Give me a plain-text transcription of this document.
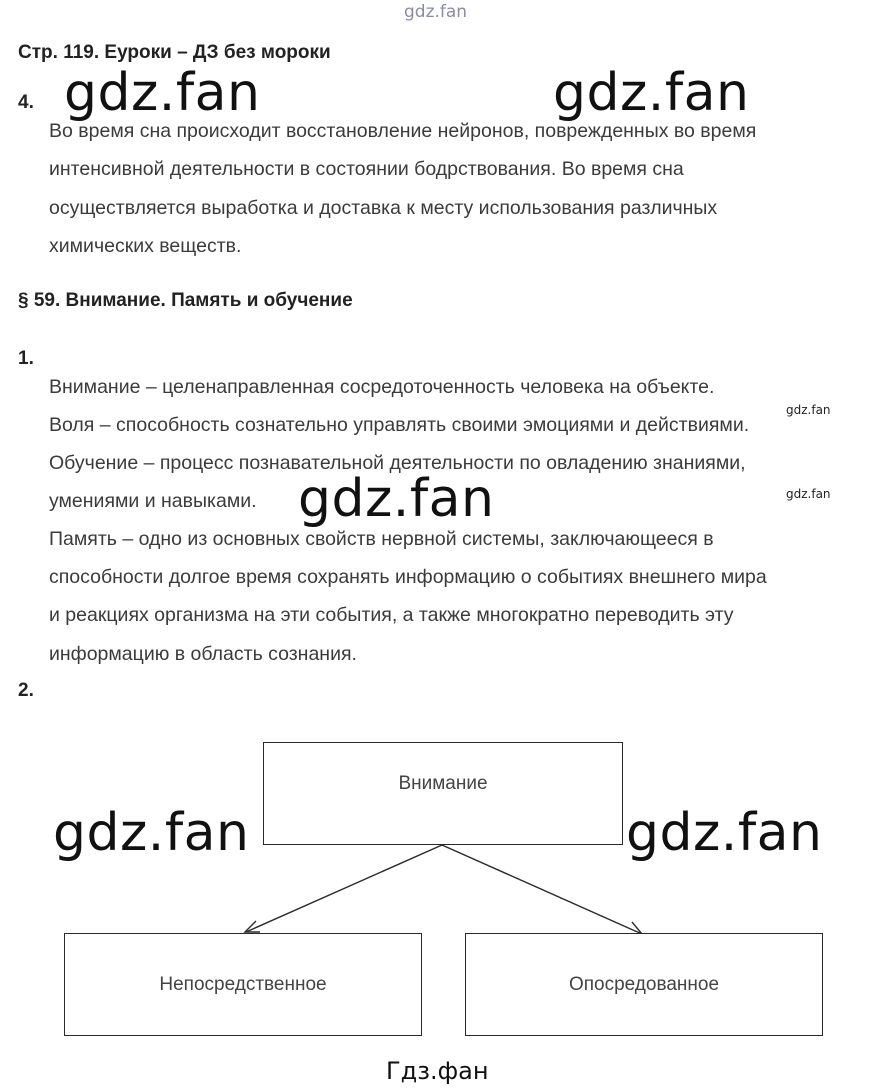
gdz.fan
Стр. 119. Еуроки – ДЗ без мороки
4.
Во время сна происходит восстановление нейронов, поврежденных во время
интенсивной деятельности в состоянии бодрствования. Во время сна
осуществляется выработка и доставка к месту использования различных
химических веществ.
§ 59. Внимание. Память и обучение
1.
Внимание – целенаправленная сосредоточенность человека на объекте.
Воля – способность сознательно управлять своими эмоциями и действиями.
Обучение – процесс познавательной деятельности по овладению знаниями,
умениями и навыками.
Память – одно из основных свойств нервной системы, заключающееся в
способности долгое время сохранять информацию о событиях внешнего мира
и реакциях организма на эти события, а также многократно переводить эту
информацию в область сознания.
2.
Внимание
Непосредственное	Опосредованное
gdz.fan	gdz.fan
gdz.fan
gdz.fan	gdz.fan
gdz.fan
gdz.fan
Гдз.фан
